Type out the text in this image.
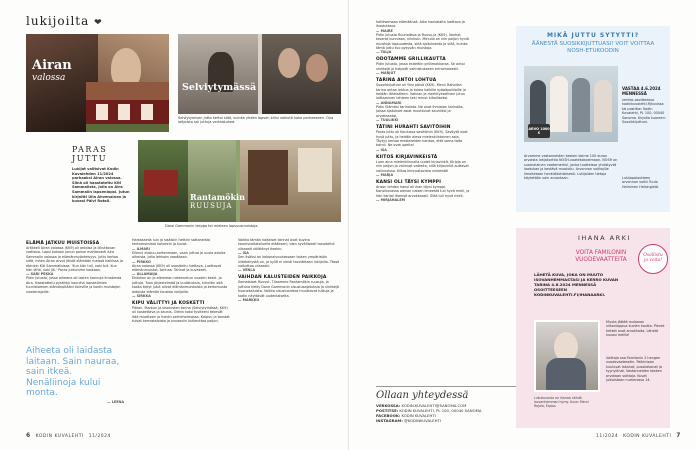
lukijoilta ❤
Airan
valossa
Selviytymässä
Selviytymisen jutta kertoi siitä, kuinka yhden lapsen kriisi vaikutti koko perheeseen. Ona laitjoista sai juttuja vertaistukea.
PARAS
JUTTU
Lukijat valitsivat Kodin Kuvalehden 11/2024 parhaaksi Airan valossa. Siinä oli haastateltu Kiti Sammalista, jolla on Aira Sammalin lapsenlapsi. Jutun kirjoitti Ulla Ahvenainen ja kuvasi Päivi Rotall.	Rantamökin
RUUSUJA
Dave Gammonin terppa toi mieleen lapsuusmuistoja.
ELÄMÄ JATKUU MUISTOISSA
Artikkeli Airan valossa (KK9) oli antoisa ja liikuttavan luettava. Lapsi kokoon jonun painoi mahtavasti Aira Sammalin valossa ja elämänmyönteisyys. Juttu kertoo siitä, miten Airan arvot jäivät elämään meissä kaikissa ja etenkin Kiti Sammalisissa. 'Kun hän tuli, vaki tuli. Kun hän lähti, vaki jäi.' Paras juttumme koskaan.
— SARI PEKKA
Pidin jutusta, jossa aiheena oli lasten kannuja ilmatiesta Aira. Haastattelu pysähtyi kaunihit lapsesilmien tunnistamien elämänpitääni tuleville ja kodin muistojen vuodenajoille.
Aiheeta oli laidasta laitaan. Sain nauraa, sain itkeä. Nenäliinoja kului monta.
— LEENA
Hartaaaella luin ja sisäisiin hetkiin sattaneista kertomuksista kolumnit ja kuvat.
— ILMARI
Ellenni elokuu-kortenmaan, vaan juttua ja uusia asioita aiheista, joita lehtoon vaaditaan.
— PIRKKO
Airan valossa (KK9) oli suositeltu luettava. Luettavat elämänmuistot, tarinaa. Tarinat ja kuvakset.
— ULLAMAIJA
Ehdoton on jo aiemman rakennetun vuoden keski- ja juttuja. Tuon järjestelmää ja uudistuksia, kiinnitin sitä koska tietyt jutut olivat elämänmuistoista ja kertomusta aidoista elämän taustaa lukijoille.
— SIRKKA
KIPU VÄLITTYI JA KOSKETTI
Pitkan. Markun ja sisarusten tarina (Selviytymässä, KK9) oli koskettava ja kaunis. Oletin koko tyviteeni tekevät itää muotteen ja hoidin perhehoimassa. Kaipuu ja taustat tuivat kerrostaloista ja kuvaaviin kulkeuttaa paljon.
Vaikka tämän kaltaiset tarinat ovat kuvina kaunisvaltaisiluelle elääkseni, olen syvällisesti tavoitellut viisaasti välittänyt itsekin.
— ISA
Sen lisäksi on kokonaisuudessaan toisen ympäristön viitekehystä on, ja kyllä ei viesti tavoitetaan lukijoilla. Tässä vaikuttaa viisaasti.
— VENLA
VAIHDAN KALUSTEIDEN PAIKKOJA
Samalaiset Ruusut. Tilaamme Rantamökin ruusuja, ja juttuna tietty Dave Gammonin sisustusajatuksia ja vinkkejä huonekaluista. Vaikka sisustusideat muuttavat tuttuja ja kodin näyttävät uudenlaiselta.
— MARKKU
6 KODIN KUVALEHTI 11/2024
hallitsemaan elämäänsä. Aika hankalalta luettava ja ihastuttava.
— MAIRE
Pidin jutusta Ruuhoittoa ja Ruusu-ja (KK9). Vanhat tavarat kunniaan, niinkuin. Minulla on niin paljon hyviä muistoja lapsuudesta, siitä ajatuksesta ja siitä, kuinka tämä juttu tuo pysyvän muistoja.
— TALJA
ODOTAMME GRILLIKAUTTA
Pidin jutusta, jossa esiteltiin grillimakkaraa. Se antoi vinkkejä ja helpotti valmistukseen erinomaisesti.
— MARJUT
TARINA ANTOI LOHTUA
Suosikkijuttuni oli Yksi päivä (KK9). Mervi Rahollan tarina antaa lohtua ja tukea kaikille syöpäpotilaille ja heidän läheisilleen. Vahvan ja merkityksellisen jutun laittaminen lehteen teki minut kiitolliseksi.
— ANNAMARI
Pidin Elämäni tarinoista. Ne ovat ihmisten tarinoita, joissa ajatukset asiat muuttuvat kauniiksi ja arvokkaaksi.
— TUULIKKI
TÄTINI HURAHTI SAVITÖIHIN
Paras juttu oli Koulussa savitöihin (KK9). Savityöt ovat hyvä juttu, ja heidän oleva mielenkiintoinen asia. Täytyy kertoa mestareiden kanssa, että sama taito toimii. Ne ovat upeita!
— ISA
KIITOS KIRJAVINKEISTÄ
Luen aina mielenkiinnolla uudet kirjavinkit. Kirjoja on niin paljon ja valinnat vaikeita, sillä kirjavinkit auttavat valinnoissa. Kiitos kiinnostavista vinkeistä!
— MARJA
KANSI OLI TÄYSI KYMPPI
Anson lehden kansi oli ihan täysi kymppi. Kansikuvassa olevan naisen ilmeestä tuli hyvä mieli, ja hän kantoi itsensä arvokkaasti. Siitä tuli hyvä mieli.
— MIRJAHALEM
Ollaan yhteydessä
VERKOSSA: KODIN.KUVALEHTI@SANOMA.COM
POSTITSE: KODIN KUVALEHTI, PL 100, 00040 SANOMA
FACEBOOK: KODIN KUVALEHTI
INSTAGRAM: @KODINKUVALEHTI
MIKÄ JUTTU SYTYTTI?
ÄÄNESTÄ SUOSIKKIJUTTUASI! VOIT VOITTAA NOSH-ETUKOODIN
ARVO 1000 €
VASTAA 4.6.2024 MENNESSÄ
verkko-osoitteessa kodinkuvalehti.fi/kuvissa tai postitse: Kodin Kuvalehti, PL 100, 00040 Sanoma. Kirjoita kuoreen: Suosikkijuttuni.
Arvomme vastanneiden kesken kolme 100 euron arvoista lahjakorttia NOSH-vaatekokoelmaan. NOSH on suomalainen vaatemerkki, jonka tuotteissa yhdistyvät laadukas ja kestävä muotoilu. Arvonnan voittajille ilmoitetaan henkilökohtaisesti. Lukijoiden tietoja käytetään vain arvontaan.	Lukijapalautteen arvonnan voitti Tuula Halminen Helsingistä.
IHANA ARKI
VOITA FAMILONIN VUODEVAATTEITA
Osallistu
ja voita!
LÄHETÄ KUVA, JOKA ON MUUTO ISOVANHEMMASTASI JA KERRO KUVAN TARINA 4.6.2024 MENNESSÄ OSOITTEESEEN KODINKUVALEHTI.FI/IHANAARKI.
Muuta jättää mukavan viikonloppua kuvien kautta. Pienet hetket ovat arvokkaita. Lähetä kuvasi meille!
Lukukuvasta on ihanaa nähdä isovanhemman hymy. Kuva: Mervi Rajala, Espoo.
Voittaja saa Familonin 2 hengen vuodevaatesetin. Palkintoon kuuluvat lakanat, pussilakanat ja tyynyliinat. Vastanneiden kesken arvotaan voittaja. Kuvat julkaistaan numerossa 14.
11/2024 KODIN KUVALEHTI 7
